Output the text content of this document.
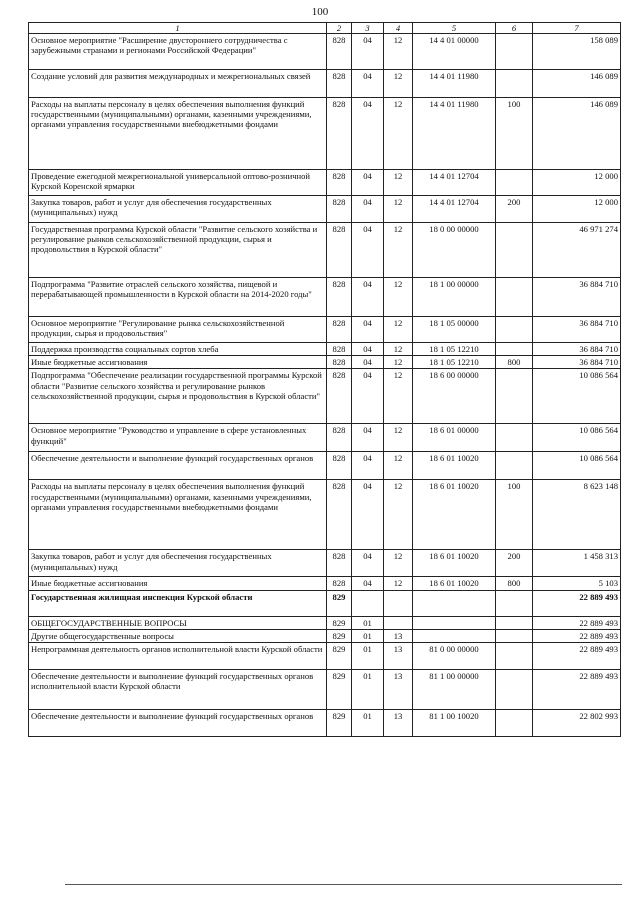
100
1	2	3	4	5	6	7
Основное мероприятие "Расширение двустороннего сотрудничества с зарубежными странами и регионами Российской Федерации"	828	04	12	14 4 01 00000		158 089
Создание условий для развития международных и межрегиональных связей	828	04	12	14 4 01 11980		146 089
Расходы на выплаты персоналу в целях обеспечения выполнения функций государственными (муниципальными) органами, казенными учреждениями, органами управления государственными внебюджетными фондами	828	04	12	14 4 01 11980	100	146 089
Проведение ежегодной межрегиональной универсальной оптово-розничной Курской Коренской ярмарки	828	04	12	14 4 01 12704		12 000
Закупка товаров, работ и услуг для обеспечения государственных (муниципальных) нужд	828	04	12	14 4 01 12704	200	12 000
Государственная программа Курской области "Развитие сельского хозяйства и регулирование рынков сельскохозяйственной продукции, сырья и продовольствия в Курской области"	828	04	12	18 0 00 00000		46 971 274
Подпрограмма "Развитие отраслей сельского хозяйства, пищевой и перерабатывающей промышленности в Курской области на 2014-2020 годы"	828	04	12	18 1 00 00000		36 884 710
Основное мероприятие "Регулирование рынка сельскохозяйственной продукции, сырья и продовольствия"	828	04	12	18 1 05 00000		36 884 710
Поддержка производства социальных сортов хлеба	828	04	12	18 1 05 12210		36 884 710
Иные бюджетные ассигнования	828	04	12	18 1 05 12210	800	36 884 710
Подпрограмма "Обеспечение реализации государственной программы Курской области "Развитие сельского хозяйства и регулирование рынков сельскохозяйственной продукции, сырья и продовольствия в Курской области"	828	04	12	18 6 00 00000		10 086 564
Основное мероприятие "Руководство и управление в сфере установленных функций"	828	04	12	18 6 01 00000		10 086 564
Обеспечение деятельности и выполнение функций государственных органов	828	04	12	18 6 01 10020		10 086 564
Расходы на выплаты персоналу в целях обеспечения выполнения функций государственными (муниципальными) органами, казенными учреждениями, органами управления государственными внебюджетными фондами	828	04	12	18 6 01 10020	100	8 623 148
Закупка товаров, работ и услуг для обеспечения государственных (муниципальных) нужд	828	04	12	18 6 01 10020	200	1 458 313
Иные бюджетные ассигнования	828	04	12	18 6 01 10020	800	5 103
Государственная жилищная инспекция Курской области	829					22 889 493
ОБЩЕГОСУДАРСТВЕННЫЕ ВОПРОСЫ	829	01				22 889 493
Другие общегосударственные вопросы	829	01	13			22 889 493
Непрограммная деятельность органов исполнительной власти Курской области	829	01	13	81 0 00 00000		22 889 493
Обеспечение деятельности и выполнение функций государственных органов исполнительной власти Курской области	829	01	13	81 1 00 00000		22 889 493
Обеспечение деятельности и выполнение функций государственных органов	829	01	13	81 1 00 10020		22 802 993
